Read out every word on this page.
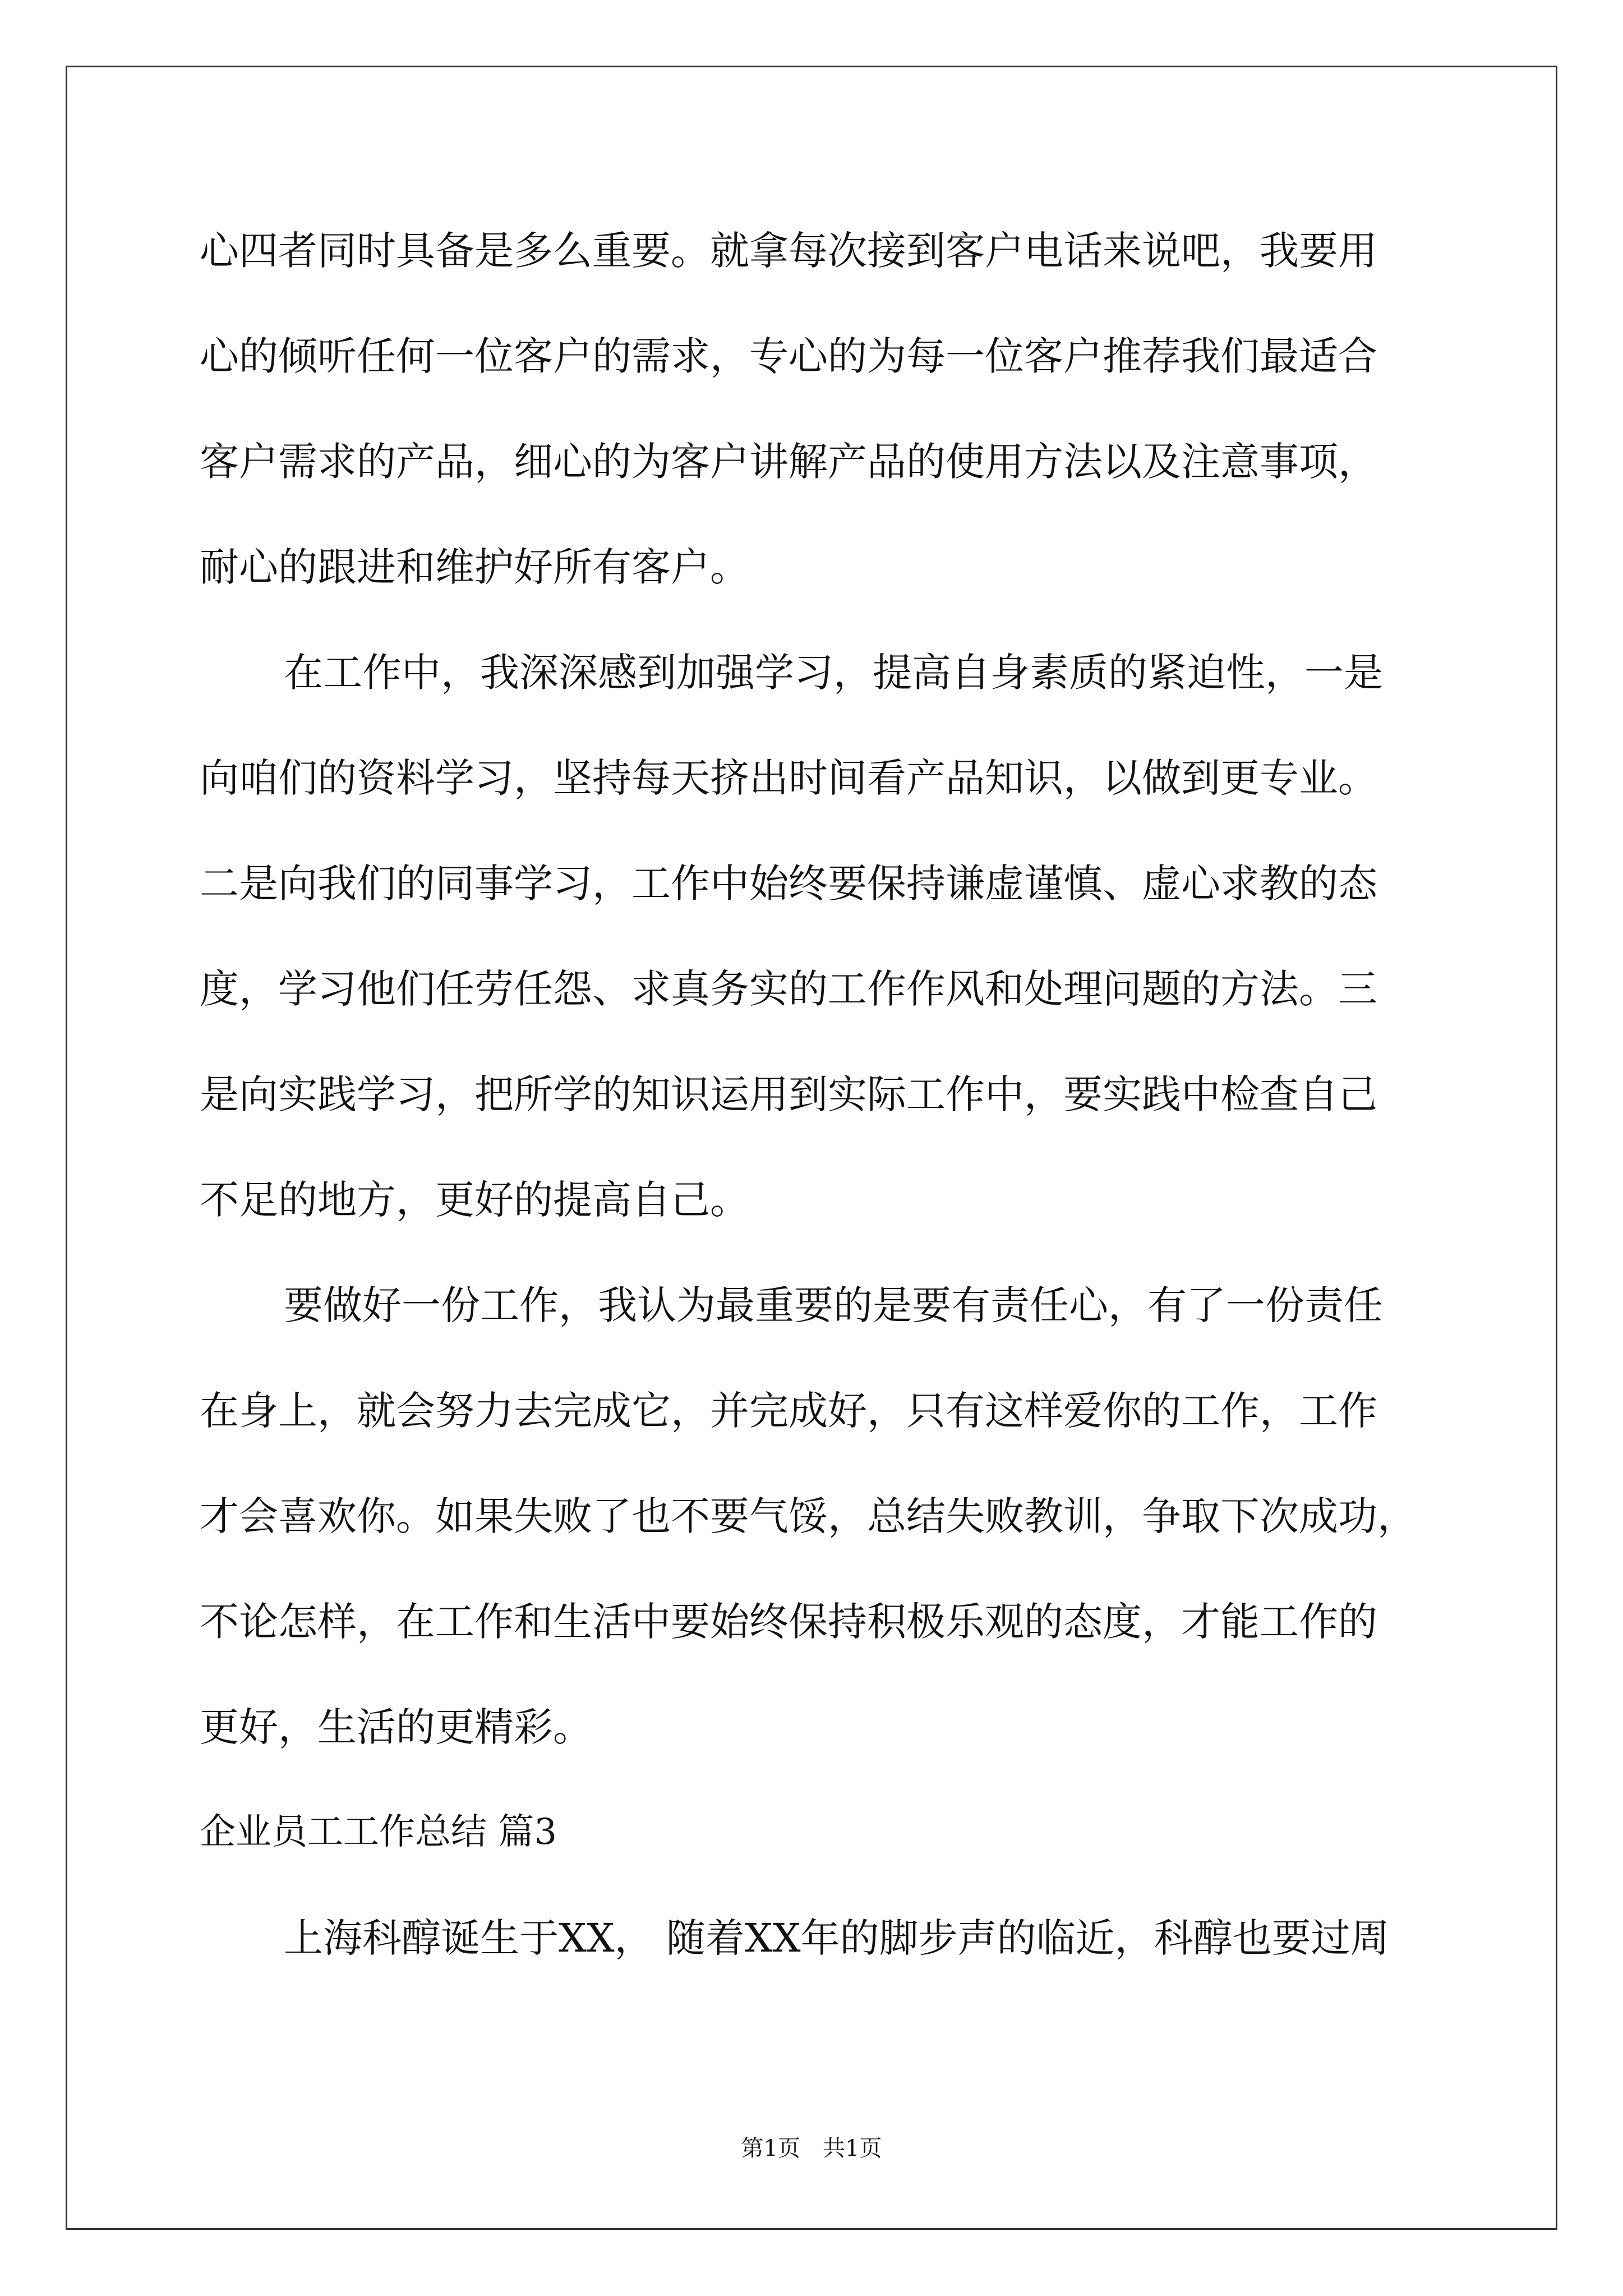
心四者同时具备是多么重要。就拿每次接到客户电话来说吧，我要用
心的倾听任何一位客户的需求，专心的为每一位客户推荐我们最适合
客户需求的产品，细心的为客户讲解产品的使用方法以及注意事项，
耐心的跟进和维护好所有客户。
在工作中，我深深感到加强学习，提高自身素质的紧迫性，一是
向咱们的资料学习，坚持每天挤出时间看产品知识，以做到更专业。
二是向我们的同事学习，工作中始终要保持谦虚谨慎、虚心求教的态
度，学习他们任劳任怨、求真务实的工作作风和处理问题的方法。三
是向实践学习，把所学的知识运用到实际工作中，要实践中检查自己
不足的地方，更好的提高自己。
要做好一份工作，我认为最重要的是要有责任心，有了一份责任
在身上，就会努力去完成它，并完成好，只有这样爱你的工作，工作
才会喜欢你。如果失败了也不要气馁，总结失败教训，争取下次成功，
不论怎样，在工作和生活中要始终保持积极乐观的态度，才能工作的
更好，生活的更精彩。
企业员工工作总结 篇3
上海科醇诞生于XX， 随着XX年的脚步声的临近，科醇也要过周
第1页　共1页
